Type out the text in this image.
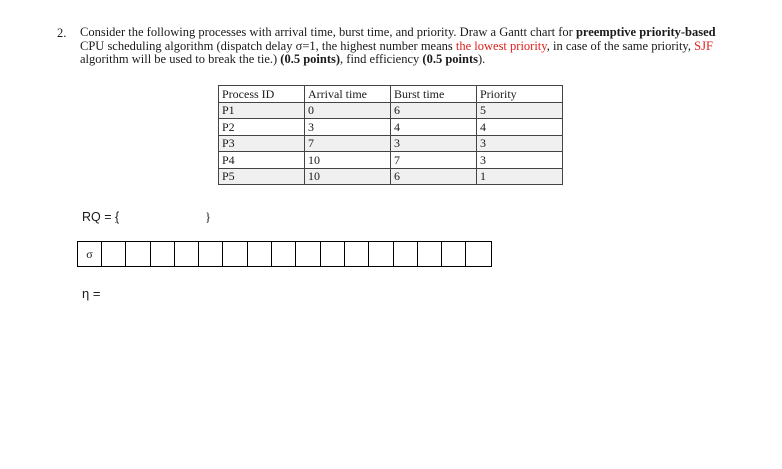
2. Consider the following processes with arrival time, burst time, and priority. Draw a Gantt chart for preemptive priority-based
CPU scheduling algorithm (dispatch delay σ=1, the highest number means the lowest priority, in case of the same priority, SJF
algorithm will be used to break the tie.) (0.5 points), find efficiency (0.5 points).
Process ID	Arrival time	Burst time	Priority
P1	0	6	5
P2	3	4	4
P3	7	3	3
P4	10	7	3
P5	10	6	1
RQ = {	}
σ
η =
